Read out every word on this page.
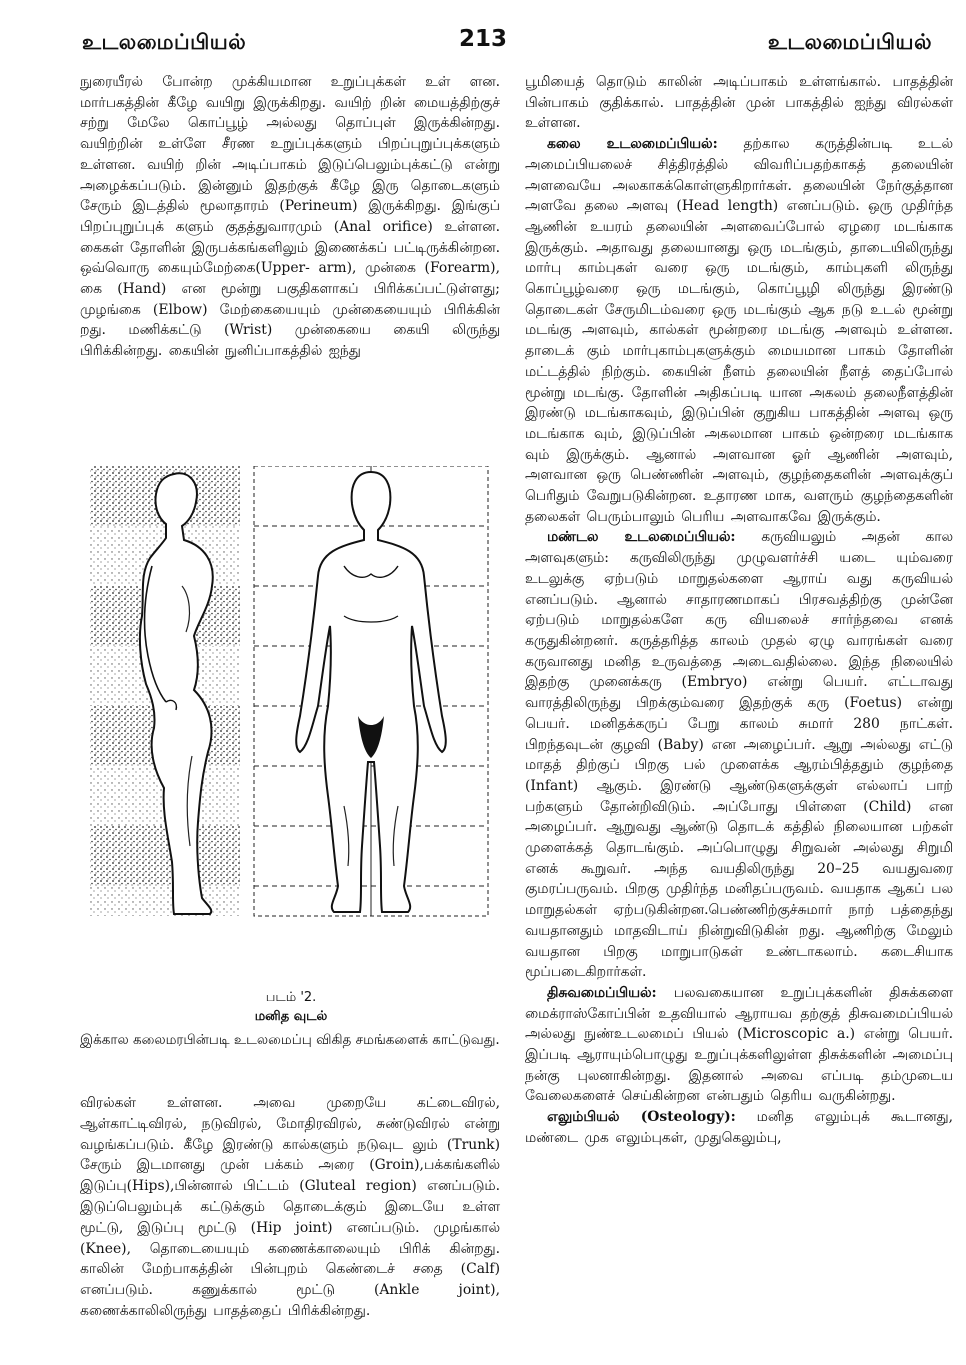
உடலமைப்பியல்	213	உடலமைப்பியல்

நுரையீரல் போன்ற முக்கியமான உறுப்புக்கள் உள் ளன. மார்பகத்தின் கீழே வயிறு இருக்கிறது. வயிற் றின் மையத்திற்குச் சற்று மேலே கொப்பூழ் அல்லது தொப்புள் இருக்கின்றது. வயிற்றின் உள்ளே சீரண உறுப்புக்களும் பிறப்புறுப்புக்களும் உள்ளன. வயிற் றின் அடிப்பாகம் இடுப்பெலும்புக்கட்டு என்று அழைக்கப்படும். இன்னும் இதற்குக் கீழே இரு தொடைகளும் சேரும் இடத்தில் மூலாதாரம் (Perineum) இருக்கிறது. இங்குப் பிறப்புறுப்புக் களும் குதத்துவாரமும் (Anal orifice) உள்ளன. கைகள் தோளின் இருபக்கங்களிலும் இணைக்கப் பட்டிருக்கின்றன. ஒவ்வொரு கையும்மேற்கை(Upper- arm), முன்கை (Forearm), கை (Hand) என மூன்று பகுதிகளாகப் பிரிக்கப்பட்டுள்ளது; முழங்கை (Elbow) மேற்கையையும் முன்கையையும் பிரிக்கின் றது. மணிக்கட்டு (Wrist) முன்கையை கையி லிருந்து பிரிக்கின்றது. கையின் நுனிப்பாகத்தில் ஐந்து

படம் '2.
மனித வுடல்
இக்கால கலைமரபின்படி உடலமைப்பு விகித சமங்களைக் காட்டுவது.

விரல்கள் உள்ளன. அவை முறையே கட்டைவிரல், ஆள்காட்டிவிரல், நடுவிரல், மோதிரவிரல், சுண்டுவிரல் என்று வழங்கப்படும். கீழே இரண்டு கால்களும் நடுவுட லும் (Trunk) சேரும் இடமானது முன் பக்கம் அரை (Groin),பக்கங்களில் இடுப்பு(Hips),பின்னால் பிட்டம் (Gluteal region) எனப்படும். இடுப்பெலும்புக் கட்டுக்கும் தொடைக்கும் இடையே உள்ள மூட்டு, இடுப்பு மூட்டு (Hip joint) எனப்படும். முழங்கால் (Knee), தொடையையும் கணைக்காலையும் பிரிக் கின்றது. காலின் மேற்பாகத்தின் பின்புறம் கெண்டைச் சதை (Calf) எனப்படும். கணுக்கால் மூட்டு (Ankle joint), கணைக்காலிலிருந்து பாதத்தைப் பிரிக்கின்றது.

பூமியைத் தொடும் காலின் அடிப்பாகம் உள்ளங்கால். பாதத்தின் பின்பாகம் குதிக்கால். பாதத்தின் முன் பாகத்தில் ஐந்து விரல்கள் உள்ளன.

கலை உடலமைப்பியல்: தற்கால கருத்தின்படி உடல் அமைப்பியலைச் சித்திரத்தில் விவரிப்பதற்காகத் தலையின் அளவையே அலகாகக்கொள்ளுகிறார்கள். தலையின் நேர்குத்தான அளவே தலை அளவு (Head length) எனப்படும். ஒரு முதிர்ந்த ஆணின் உயரம் தலையின் அளவைப்போல் ஏழரை மடங்காக இருக்கும். அதாவது தலையானது ஒரு மடங்கும், தாடையிலிருந்து மார்பு காம்புகள் வரை ஒரு மடங்கும், காம்புகளி லிருந்து கொப்பூழ்வரை ஒரு மடங்கும், கொப்பூழி லிருந்து இரண்டு தொடைகள் சேருமிடம்வரை ஒரு மடங்கும் ஆக நடு உடல் மூன்று மடங்கு அளவும், கால்கள் மூன்றரை மடங்கு அளவும் உள்ளன. தாடைக் கும் மார்புகாம்புகளுக்கும் மையமான பாகம் தோளின் மட்டத்தில் நிற்கும். கையின் நீளம் தலையின் நீளத் தைப்போல் மூன்று மடங்கு. தோளின் அதிகப்படி யான அகலம் தலைநீளத்தின் இரண்டு மடங்காகவும், இடுப்பின் குறுகிய பாகத்தின் அளவு ஒரு மடங்காக வும், இடுப்பின் அகலமான பாகம் ஒன்றரை மடங்காக வும் இருக்கும். ஆனால் அளவான ஓர் ஆணின் அளவும், அளவான ஒரு பெண்ணின் அளவும், குழந்தைகளின் அளவுக்குப் பெரிதும் வேறுபடுகின்றன. உதாரண மாக, வளரும் குழந்தைகளின் தலைகள் பெரும்பாலும் பெரிய அளவாகவே இருக்கும்.

மண்டல உடலமைப்பியல்: கருவியலும் அதன் கால அளவுகளும்: கருவிலிருந்து முழுவளர்ச்சி யடை யும்வரை உடலுக்கு ஏற்படும் மாறுதல்களை ஆராய் வது கருவியல் எனப்படும். ஆனால் சாதாரணமாகப் பிரசவத்திற்கு முன்னே ஏற்படும் மாறுதல்களே கரு வியலைச் சார்ந்தவை எனக் கருதுகின்றனர். கருத்தரித்த காலம் முதல் ஏழு வாரங்கள் வரை கருவானது மனித உருவத்தை அடைவதில்லை. இந்த நிலையில் இதற்கு முனைக்கரு (Embryo) என்று பெயர். எட்டாவது வாரத்திலிருந்து பிறக்கும்வரை இதற்குக் கரு (Foetus) என்று பெயர். மனிதக்கருப் பேறு காலம் சுமார் 280 நாட்கள். பிறந்தவுடன் குழவி (Baby) என அழைப்பர். ஆறு அல்லது எட்டு மாதத் திற்குப் பிறகு பல் முளைக்க ஆரம்பித்ததும் குழந்தை (Infant) ஆகும். இரண்டு ஆண்டுகளுக்குள் எல்லாப் பாற் பற்களும் தோன்றிவிடும். அப்போது பிள்ளை (Child) என அழைப்பர். ஆறுவது ஆண்டு தொடக் கத்தில் நிலையான பற்கள் முளைக்கத் தொடங்கும். அப்பொழுது சிறுவன் அல்லது சிறுமி எனக் கூறுவர். அந்த வயதிலிருந்து 20–25 வயதுவரை குமரப்பருவம். பிறகு முதிர்ந்த மனிதப்பருவம். வயதாக ஆகப் பல மாறுதல்கள் ஏற்படுகின்றன.பெண்ணிற்குச்சுமார் நாற் பத்தைந்து வயதானதும் மாதவிடாய் நின்றுவிடுகின் றது. ஆணிற்கு மேலும் வயதான பிறகு மாறுபாடுகள் உண்டாகலாம். கடைசியாக மூப்படைகிறார்கள்.

திசுவமைப்பியல்: பலவகையான உறுப்புக்களின் திசுக்களை மைக்ராஸ்கோப்பின் உதவியால் ஆராயவ தற்குத் திசுவமைப்பியல் அல்லது நுண்உடலமைப் பியல் (Microscopic a.) என்று பெயர். இப்படி ஆராயும்பொழுது உறுப்புக்களிலுள்ள திசுக்களின் அமைப்பு நன்கு புலனாகின்றது. இதனால் அவை எப்படி தம்முடைய வேலைகளைச் செய்கின்றன என்பதும் தெரிய வருகின்றது.

எலும்பியல் (Osteology): மனித எலும்புக் கூடானது, மண்டை முக எலும்புகள், முதுகெலும்பு,
